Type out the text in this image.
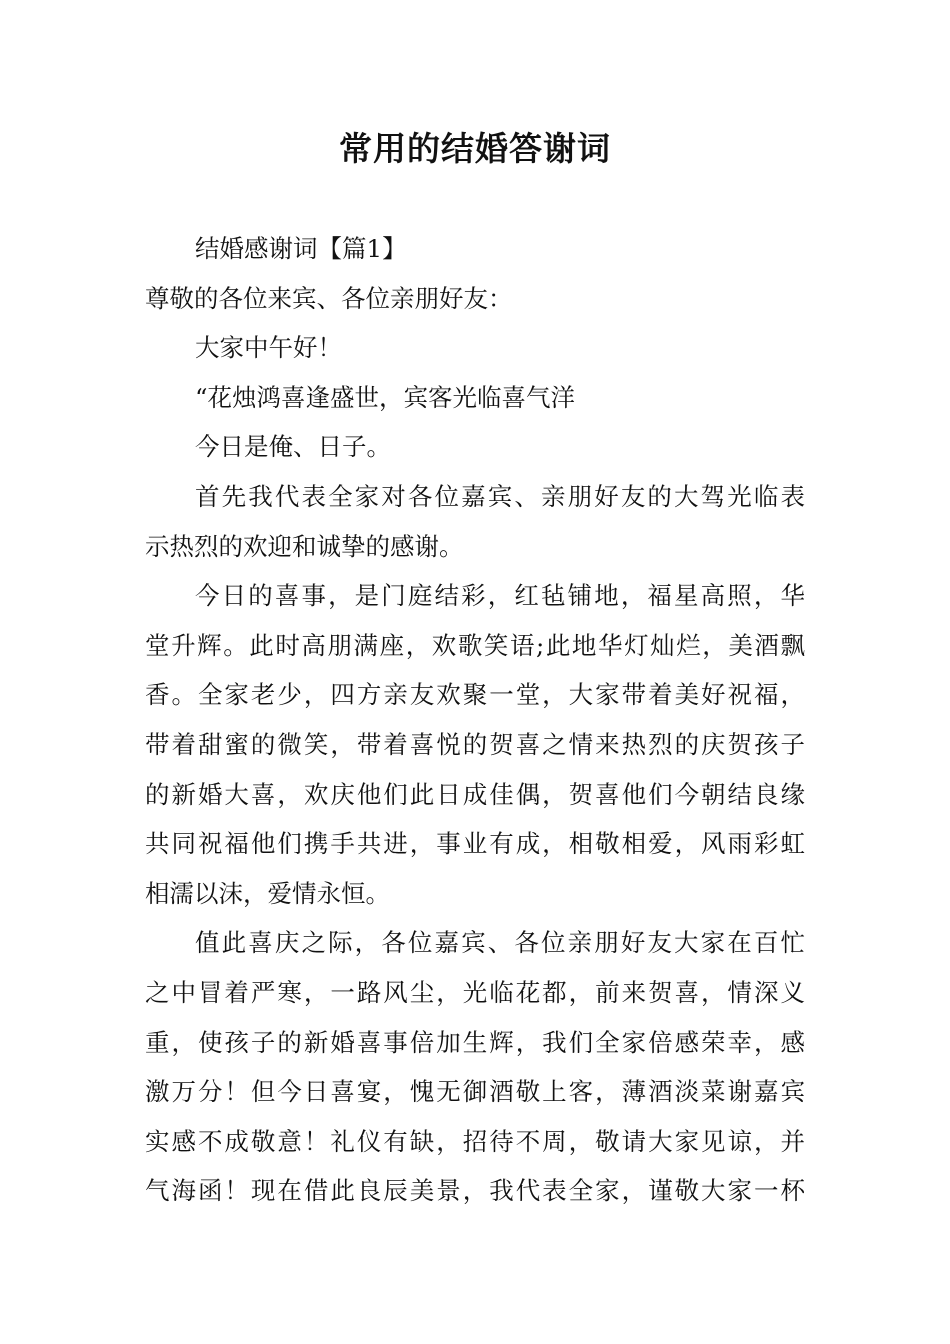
常用的结婚答谢词
结婚感谢词【篇1】
尊敬的各位来宾、各位亲朋好友：
大家中午好！
“花烛鸿喜逢盛世，宾客光临喜气洋
今日是俺、日子。
首先我代表全家对各位嘉宾、亲朋好友的大驾光临表
示热烈的欢迎和诚挚的感谢。
今日的喜事，是门庭结彩，红毡铺地，福星高照，华
堂升辉。此时高朋满座，欢歌笑语;此地华灯灿烂，美酒飘
香。全家老少，四方亲友欢聚一堂，大家带着美好祝福，
带着甜蜜的微笑，带着喜悦的贺喜之情来热烈的庆贺孩子
的新婚大喜，欢庆他们此日成佳偶，贺喜他们今朝结良缘
共同祝福他们携手共进，事业有成，相敬相爱，风雨彩虹
相濡以沫，爱情永恒。
值此喜庆之际，各位嘉宾、各位亲朋好友大家在百忙
之中冒着严寒，一路风尘，光临花都，前来贺喜，情深义
重，使孩子的新婚喜事倍加生辉，我们全家倍感荣幸，感
激万分！但今日喜宴，愧无御酒敬上客，薄酒淡菜谢嘉宾
实感不成敬意！礼仪有缺，招待不周，敬请大家见谅，并
气海函！现在借此良辰美景，我代表全家，谨敬大家一杯
